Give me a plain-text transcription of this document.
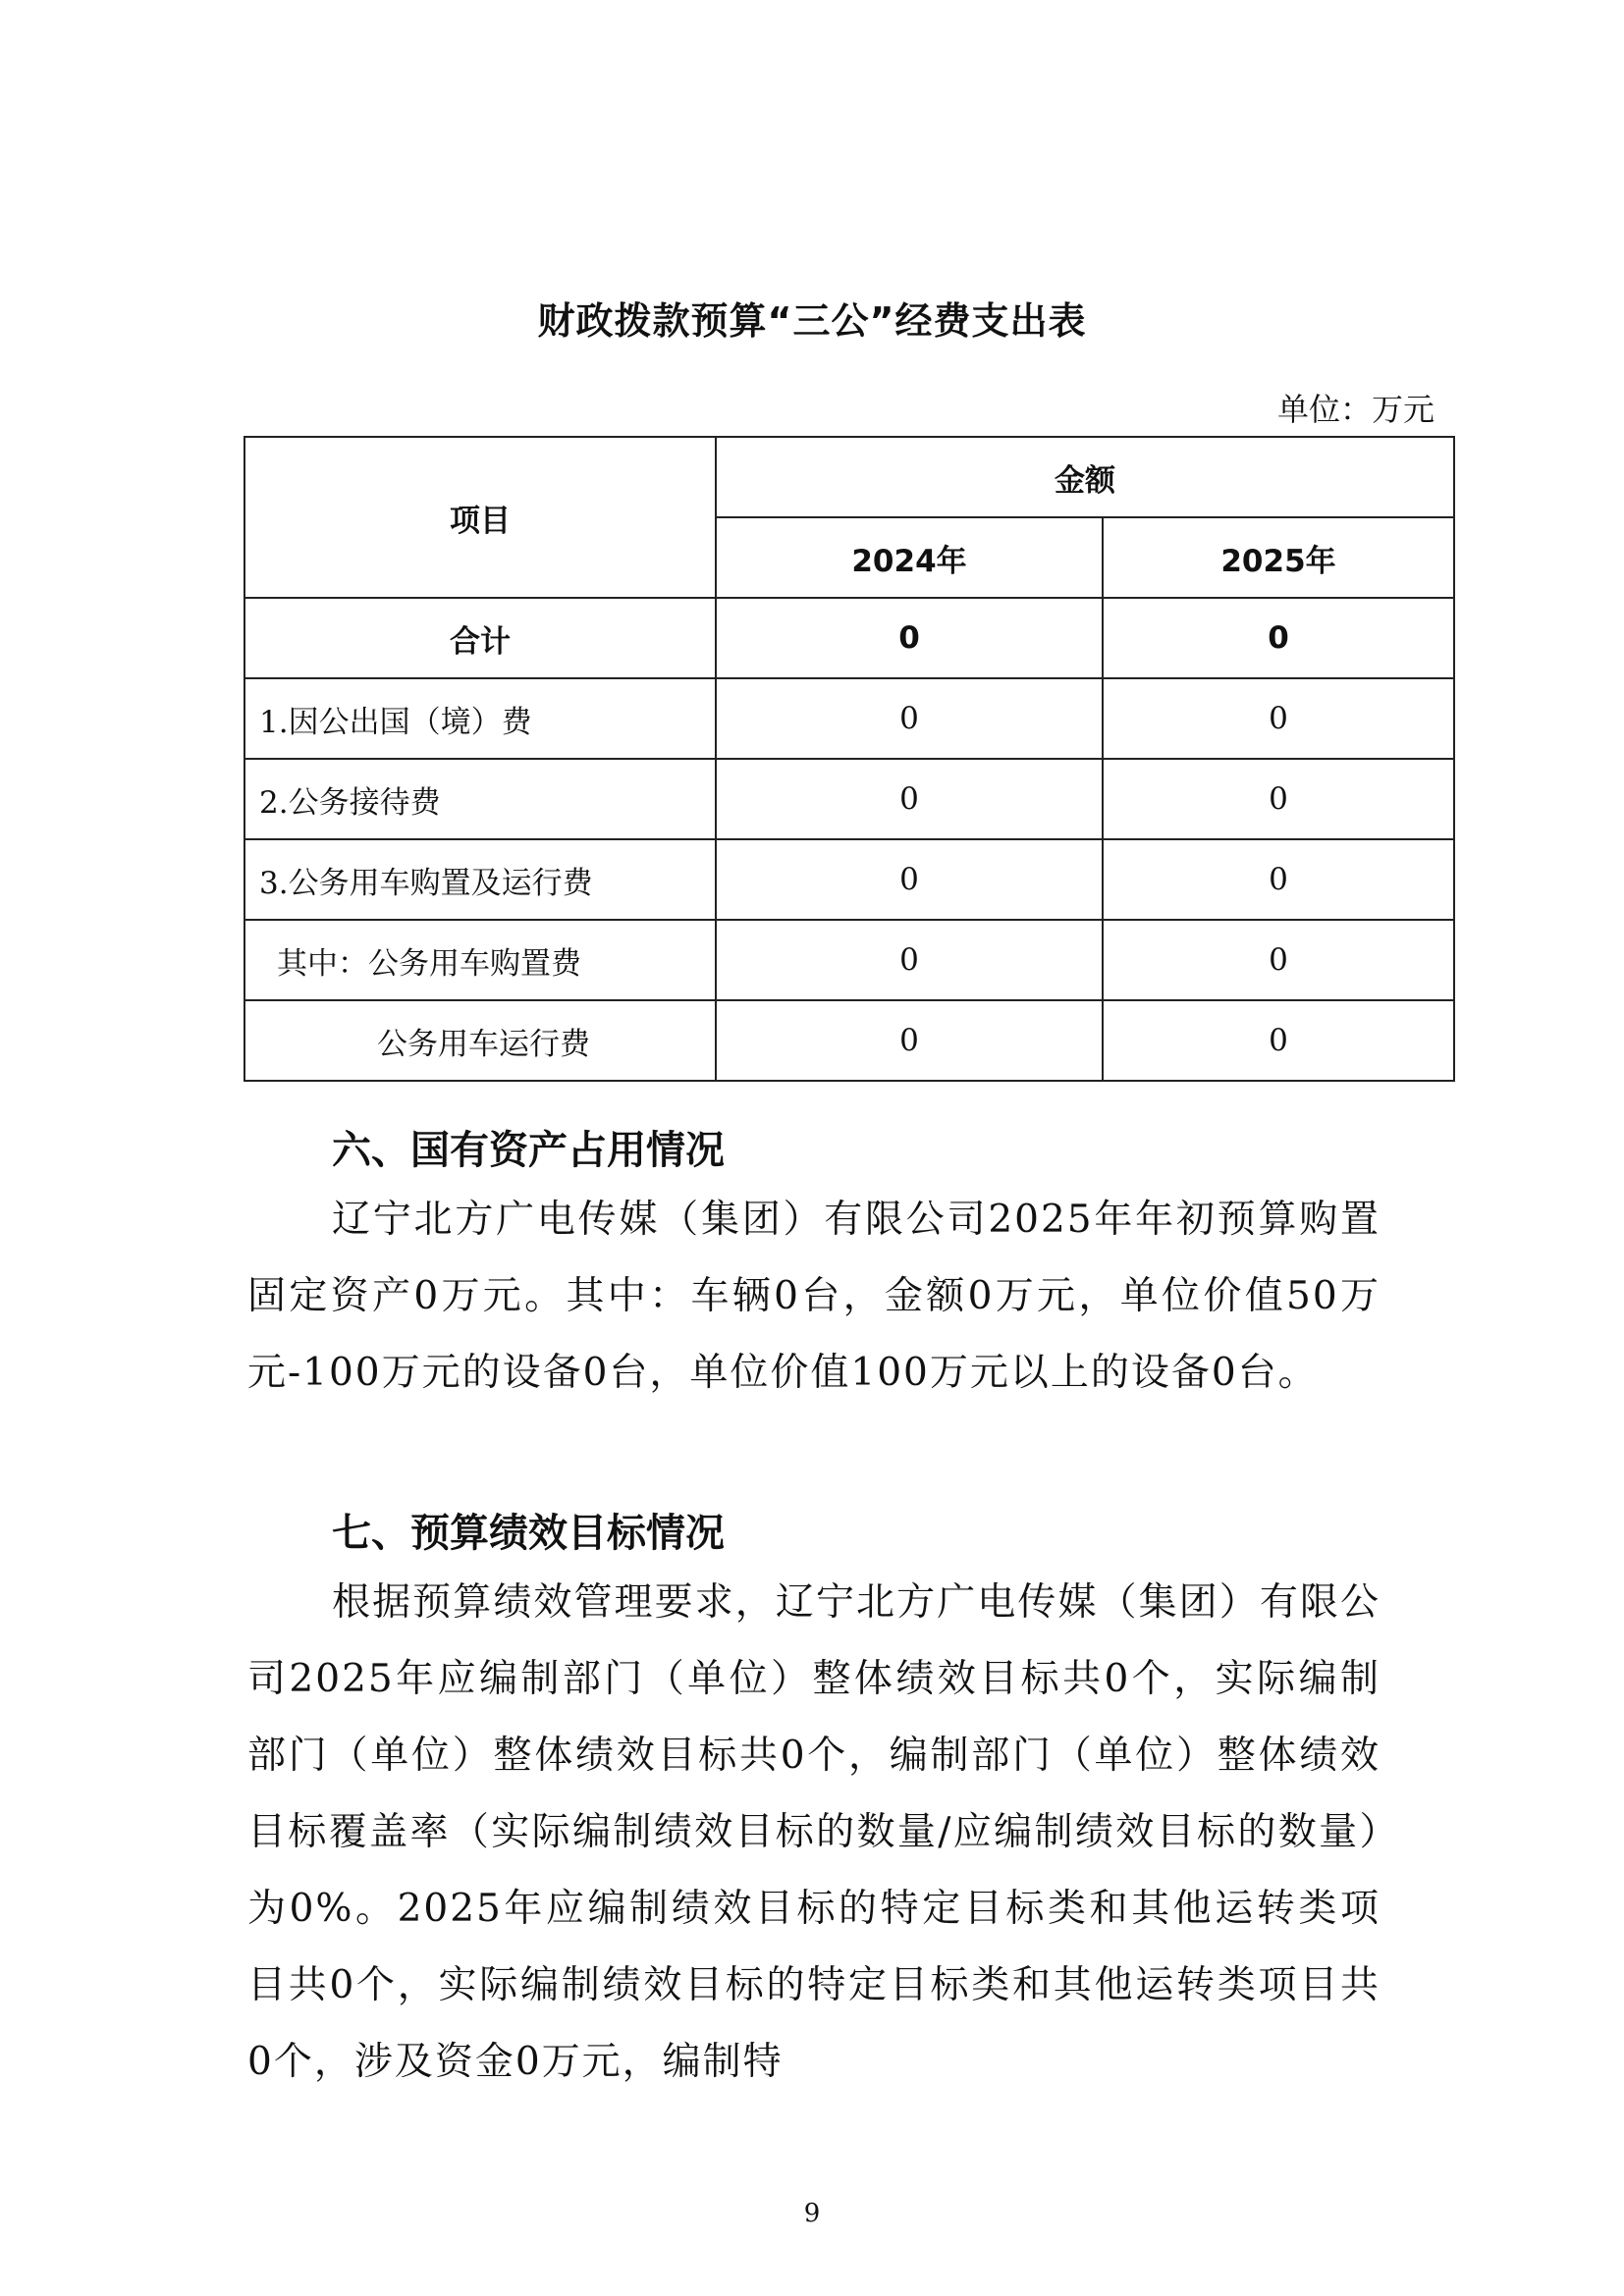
财政拨款预算“三公”经费支出表
单位：万元
项目	金额	
	2024年	2025年
合计	0	0
1.因公出国（境）费	0	0
2.公务接待费	0	0
3.公务用车购置及运行费	0	0
其中：公务用车购置费	0	0
公务用车运行费	0	0
六、国有资产占用情况
辽宁北方广电传媒（集团）有限公司2025年年初预算购置固定资产0万元。其中：车辆0台，金额0万元，单位价值50万元-100万元的设备0台，单位价值100万元以上的设备0台。
七、预算绩效目标情况
根据预算绩效管理要求，辽宁北方广电传媒（集团）有限公司2025年应编制部门（单位）整体绩效目标共0个，实际编制部门（单位）整体绩效目标共0个，编制部门（单位）整体绩效目标覆盖率（实际编制绩效目标的数量/应编制绩效目标的数量）为0%。2025年应编制绩效目标的特定目标类和其他运转类项目共0个，实际编制绩效目标的特定目标类和其他运转类项目共0个，涉及资金0万元，编制特
9
